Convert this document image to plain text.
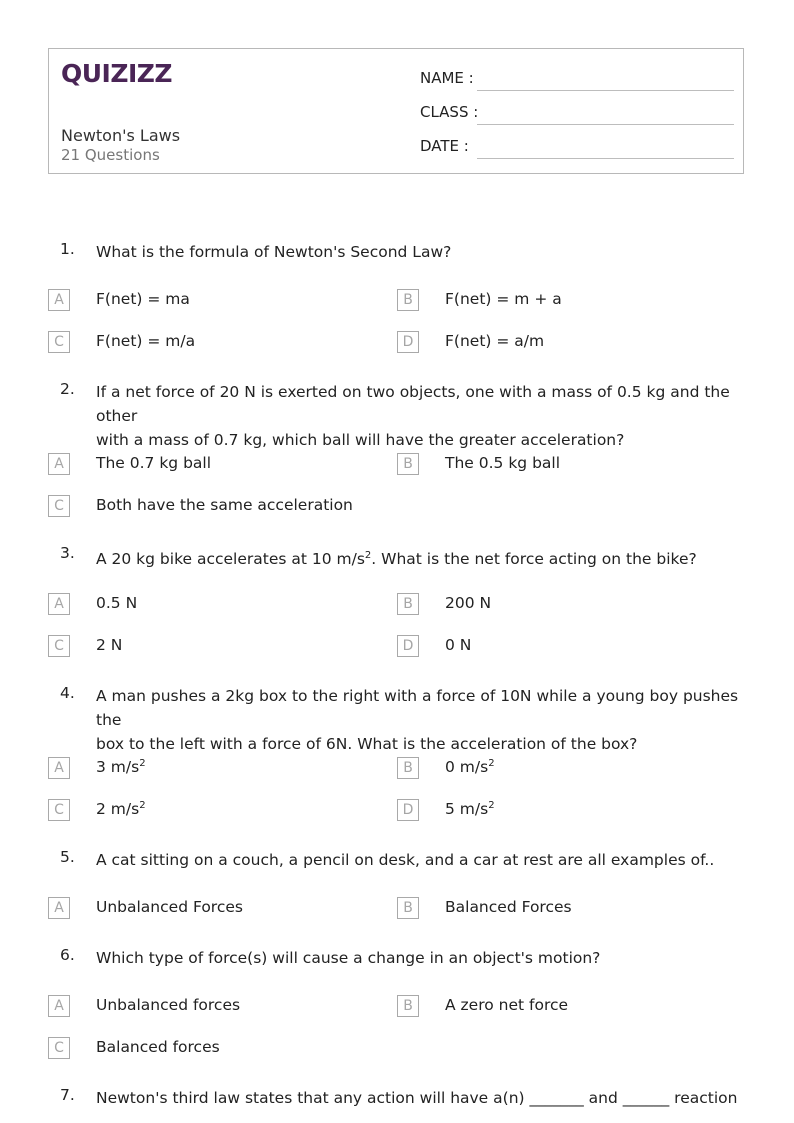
QUIZIZZ
Newton's Laws
21 Questions
NAME :
CLASS :
DATE :
1. What is the formula of Newton's Second Law?
A	F(net) = ma	B	F(net) = m + a
C	F(net) = m/a	D	F(net) = a/m
2. If a net force of 20 N is exerted on two objects, one with a mass of 0.5 kg and the other
with a mass of 0.7 kg, which ball will have the greater acceleration?
A	The 0.7 kg ball	B	The 0.5 kg ball
C	Both have the same acceleration
3. A 20 kg bike accelerates at 10 $m/s^2$. What is the net force acting on the bike?
A	0.5 N	B	200 N
C	2 N	D	0 N
4. A man pushes a 2kg box to the right with a force of 10N while a young boy pushes the
box to the left with a force of 6N. What is the acceleration of the box?
A	3 $m/s^2$	B	0 $m/s^2$
C	2 $m/s^2$	D	5 $m/s^2$
5. A cat sitting on a couch, a pencil on desk, and a car at rest are all examples of..
A	Unbalanced Forces	B	Balanced Forces
6. Which type of force(s) will cause a change in an object's motion?
A	Unbalanced forces	B	A zero net force
C	Balanced forces
7. Newton's third law states that any action will have a(n) _______ and ______ reaction
